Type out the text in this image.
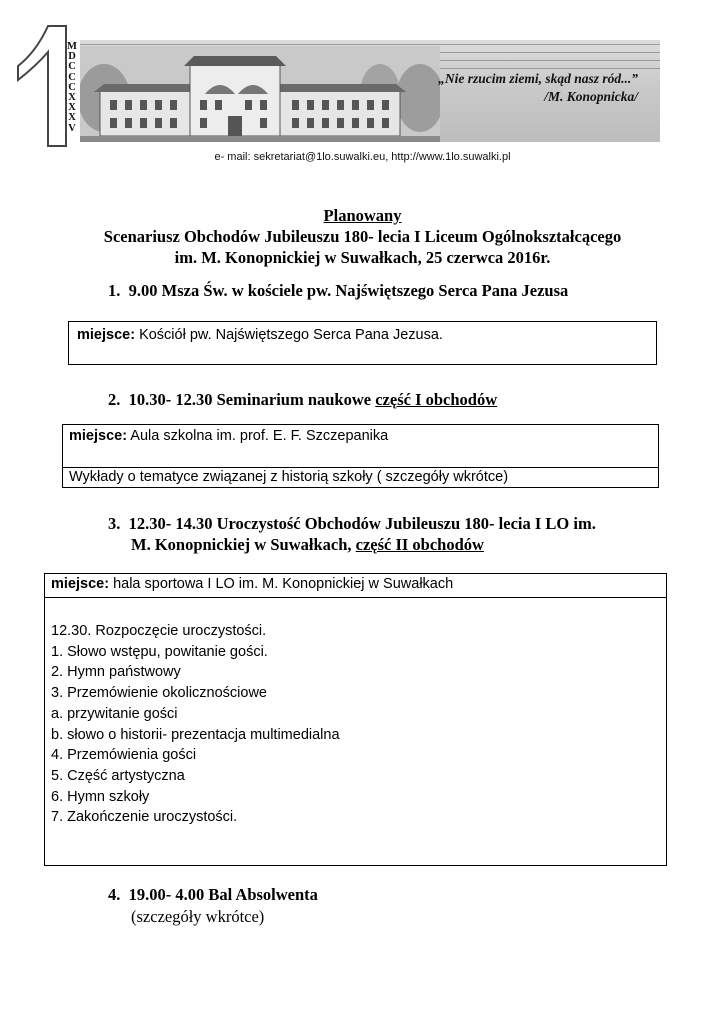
M
D
C
C
C
X
X
X
V
„Nie rzucim ziemi, skąd nasz ród...”
/M. Konopnicka/
e- mail: sekretariat@1lo.suwalki.eu, http://www.1lo.suwalki.pl
Planowany
Scenariusz Obchodów Jubileuszu 180- lecia I Liceum Ogólnokształcącego
im. M. Konopnickiej w Suwałkach, 25 czerwca 2016r.
1. 9.00 Msza Św. w kościele pw. Najświętszego Serca Pana Jezusa
miejsce: Kościół pw. Najświętszego Serca Pana Jezusa.
2. 10.30- 12.30 Seminarium naukowe część I obchodów
miejsce: Aula szkolna im. prof. E. F. Szczepanika
Wykłady o tematyce związanej z historią szkoły ( szczegóły wkrótce)
3. 12.30- 14.30 Uroczystość Obchodów Jubileuszu 180- lecia I LO im.
M. Konopnickiej w Suwałkach, część II obchodów
miejsce: hala sportowa I LO im. M. Konopnickiej w Suwałkach
12.30. Rozpoczęcie uroczystości.
1. Słowo wstępu, powitanie gości.
2. Hymn państwowy
3. Przemówienie okolicznościowe
a. przywitanie gości
b. słowo o historii- prezentacja multimedialna
4. Przemówienia gości
5. Część artystyczna
6. Hymn szkoły
7. Zakończenie uroczystości.
4. 19.00- 4.00 Bal Absolwenta
(szczegóły wkrótce)
